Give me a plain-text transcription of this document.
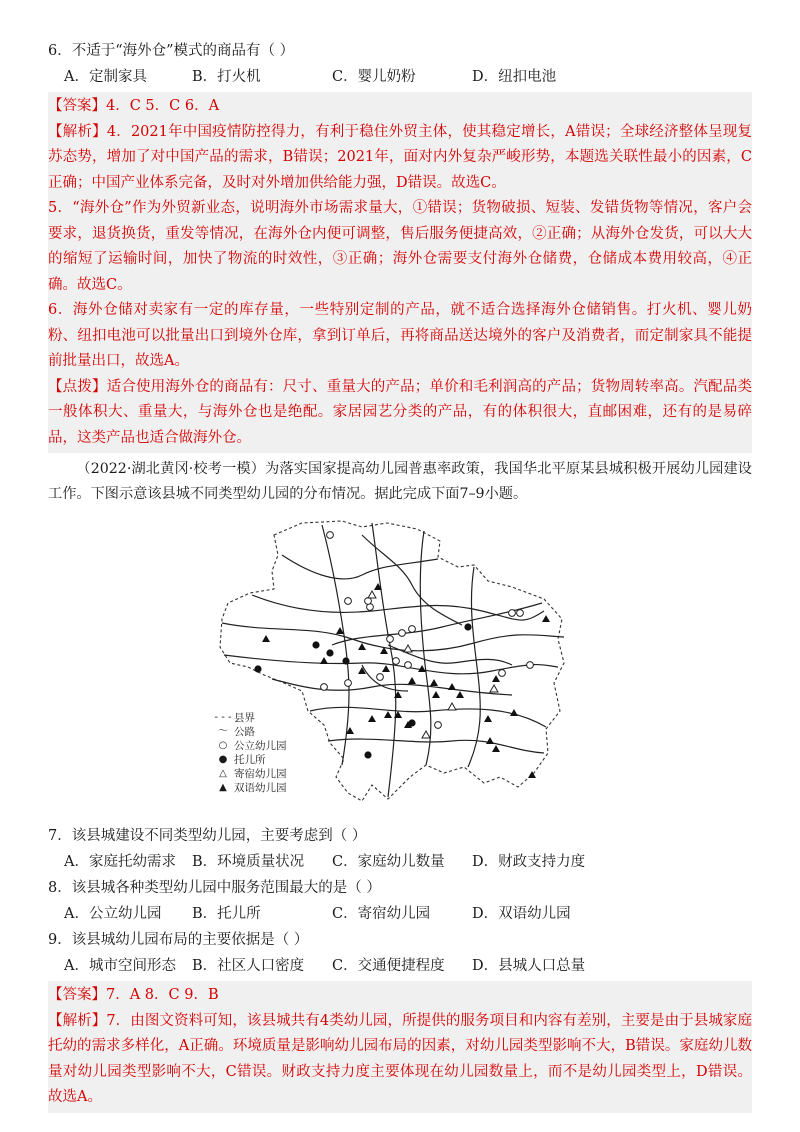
6．不适于“海外仓”模式的商品有（ ）

A．定制家具	B．打火机	C．婴儿奶粉	D．纽扣电池

【答案】4．C 5．C 6．A

【解析】4．2021年中国疫情防控得力，有利于稳住外贸主体，使其稳定增长，A错误；全球经济整体呈现复苏态势，增加了对中国产品的需求，B错误；2021年，面对内外复杂严峻形势，本题选关联性最小的因素，C正确；中国产业体系完备，及时对外增加供给能力强，D错误。故选C。

5．“海外仓”作为外贸新业态，说明海外市场需求量大，①错误；货物破损、短装、发错货物等情况，客户会要求，退货换货，重发等情况，在海外仓内便可调整，售后服务便捷高效，②正确；从海外仓发货，可以大大的缩短了运输时间，加快了物流的时效性，③正确；海外仓需要支付海外仓储费，仓储成本费用较高，④正确。故选C。

6．海外仓储对卖家有一定的库存量，一些特别定制的产品，就不适合选择海外仓储销售。打火机、婴儿奶粉、纽扣电池可以批量出口到境外仓库，拿到订单后，再将商品送达境外的客户及消费者，而定制家具不能提前批量出口，故选A。

【点拨】适合使用海外仓的商品有：尺寸、重量大的产品；单价和毛利润高的产品；货物周转率高。汽配品类一般体积大、重量大，与海外仓也是绝配。家居园艺分类的产品，有的体积很大，直邮困难，还有的是易碎品，这类产品也适合做海外仓。

（2022·湖北黄冈·校考一模）为落实国家提高幼儿园普惠率政策，我国华北平原某县城积极开展幼儿园建设工作。下图示意该县城不同类型幼儿园的分布情况。据此完成下面7–9小题。

- - - 县界
〜 公路
○ 公立幼儿园
● 托儿所
△ 寄宿幼儿园
▲ 双语幼儿园

7．该县城建设不同类型幼儿园，主要考虑到（ ）

A．家庭托幼需求	B．环境质量状况	C．家庭幼儿数量	D．财政支持力度

8．该县城各种类型幼儿园中服务范围最大的是（ ）

A．公立幼儿园	B．托儿所	C．寄宿幼儿园	D．双语幼儿园

9．该县城幼儿园布局的主要依据是（ ）

A．城市空间形态	B．社区人口密度	C．交通便捷程度	D．县城人口总量

【答案】7．A 8．C 9．B

【解析】7．由图文资料可知，该县城共有4类幼儿园，所提供的服务项目和内容有差别，主要是由于县城家庭托幼的需求多样化，A正确。环境质量是影响幼儿园布局的因素，对幼儿园类型影响不大，B错误。家庭幼儿数量对幼儿园类型影响不大，C错误。财政支持力度主要体现在幼儿园数量上，而不是幼儿园类型上，D错误。故选A。
